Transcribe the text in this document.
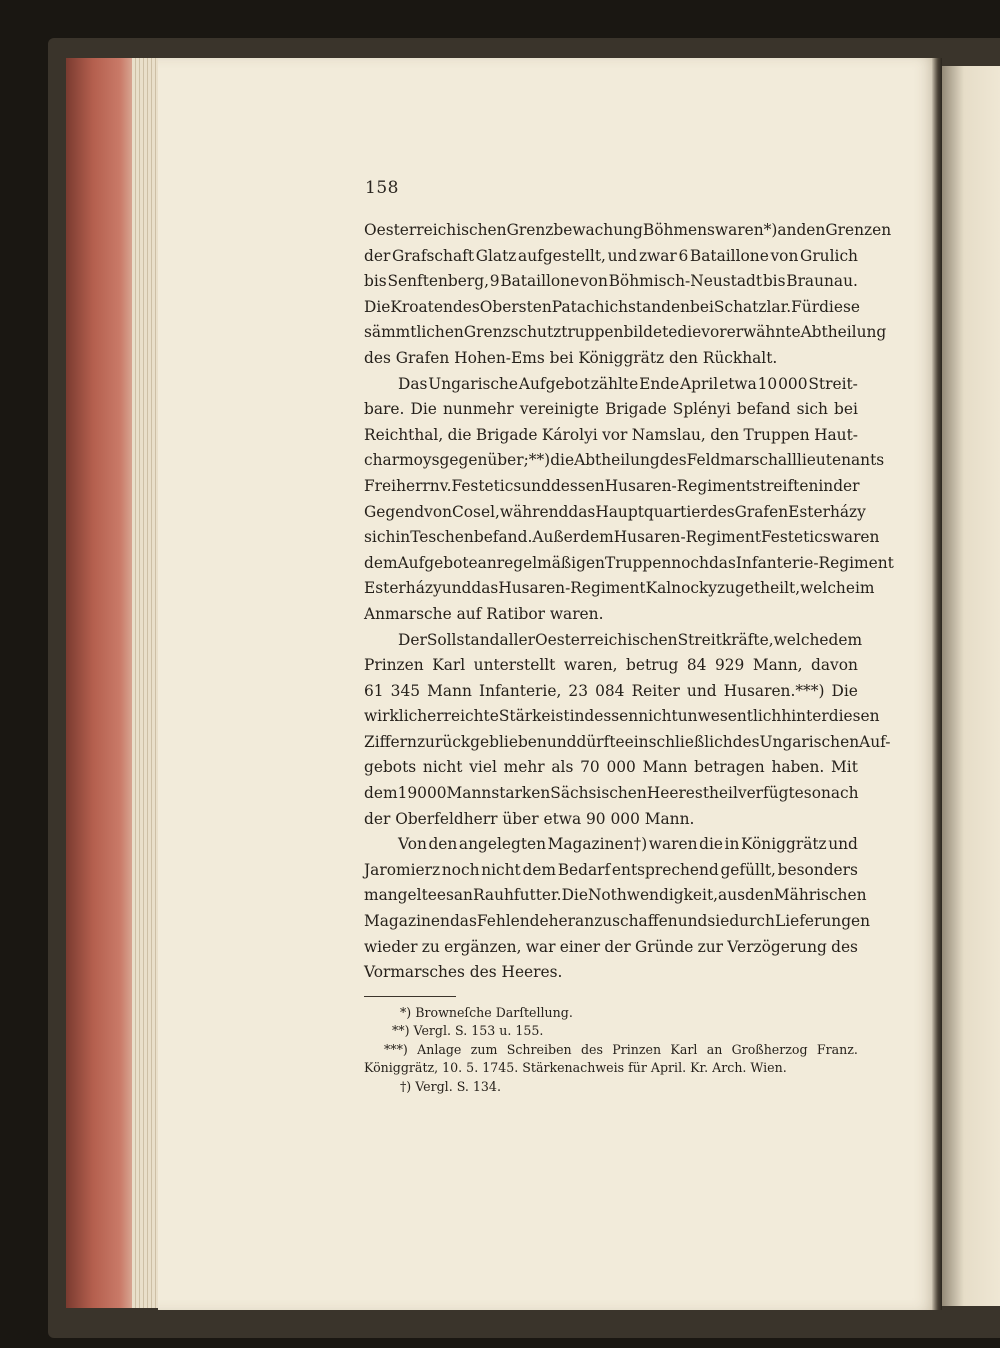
158
Oesterreichischen Grenzbewachung Böhmens waren*) an den Grenzen
der Grafschaft Glatz aufgestellt, und zwar 6 Bataillone von Grulich
bis Senftenberg, 9 Bataillone von Böhmisch-Neustadt bis Braunau.
Die Kroaten des Obersten Patachich standen bei Schatzlar. Für diese
sämmtlichen Grenzschutztruppen bildete die vorerwähnte Abtheilung
des Grafen Hohen-Ems bei Königgrätz den Rückhalt.
Das Ungarische Aufgebot zählte Ende April etwa 10 000 Streit-
bare. Die nunmehr vereinigte Brigade Splényi befand sich bei
Reichthal, die Brigade Károlyi vor Namslau, den Truppen Haut-
charmoys gegenüber;**) die Abtheilung des Feldmarschalllieutenants
Freiherrn v. Festetics und dessen Husaren-Regiment streiften in der
Gegend von Cosel, während das Hauptquartier des Grafen Esterházy
sich in Teschen befand. Außer dem Husaren-Regiment Festetics waren
dem Aufgebote an regelmäßigen Truppen noch das Infanterie-Regiment
Esterházy und das Husaren-Regiment Kalnocky zugetheilt, welche im
Anmarsche auf Ratibor waren.
Der Sollstand aller Oesterreichischen Streitkräfte, welche dem
Prinzen Karl unterstellt waren, betrug 84 929 Mann, davon
61 345 Mann Infanterie, 23 084 Reiter und Husaren.***) Die
wirklich erreichte Stärke ist indessen nicht unwesentlich hinter diesen
Ziffern zurückgeblieben und dürfte einschließlich des Ungarischen Auf-
gebots nicht viel mehr als 70 000 Mann betragen haben. Mit
dem 19 000 Mann starken Sächsischen Heerestheil verfügte sonach
der Oberfeldherr über etwa 90 000 Mann.
Von den angelegten Magazinen†) waren die in Königgrätz und
Jaromierz noch nicht dem Bedarf entsprechend gefüllt, besonders
mangelte es an Rauhfutter. Die Nothwendigkeit, aus den Mährischen
Magazinen das Fehlende heranzuschaffen und sie durch Lieferungen
wieder zu ergänzen, war einer der Gründe zur Verzögerung des
Vormarsches des Heeres.
*) Browneſche Darſtellung.
**) Vergl. S. 153 u. 155.
***) Anlage zum Schreiben des Prinzen Karl an Großherzog Franz.
Königgrätz, 10. 5. 1745. Stärkenachweis für April. Kr. Arch. Wien.
†) Vergl. S. 134.
